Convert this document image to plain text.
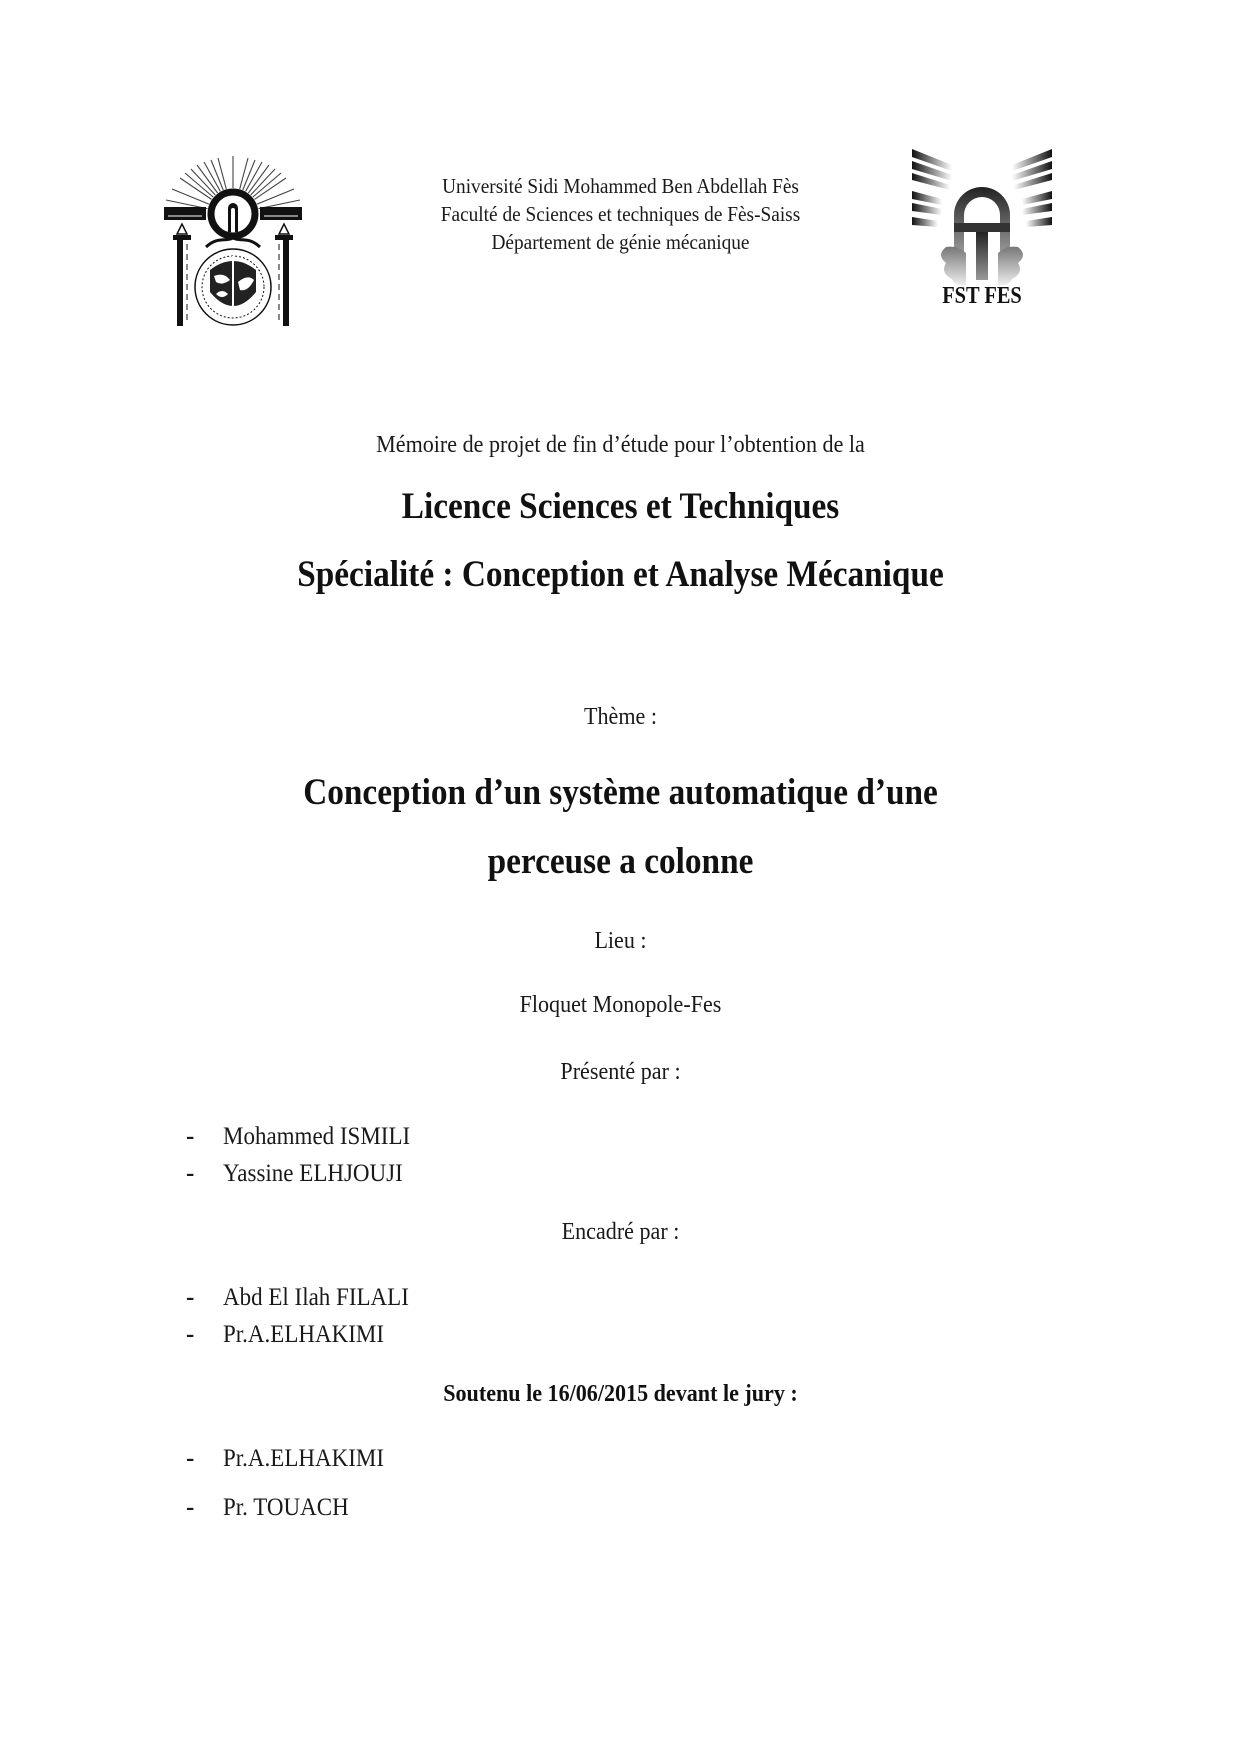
Université Sidi Mohammed Ben Abdellah Fès
Faculté de Sciences et techniques de Fès-Saiss
Département de génie mécanique
FST FES
Mémoire de projet de fin d’étude pour l’obtention de la
Licence Sciences et Techniques
Spécialité : Conception et Analyse Mécanique
Thème :
Conception d’un système automatique d’une
perceuse a colonne
Lieu :
Floquet Monopole-Fes
Présenté par :
- Mohammed ISMILI
- Yassine ELHJOUJI
Encadré par :
- Abd El Ilah FILALI
- Pr.A.ELHAKIMI
Soutenu le 16/06/2015 devant le jury :
- Pr.A.ELHAKIMI
- Pr. TOUACH
